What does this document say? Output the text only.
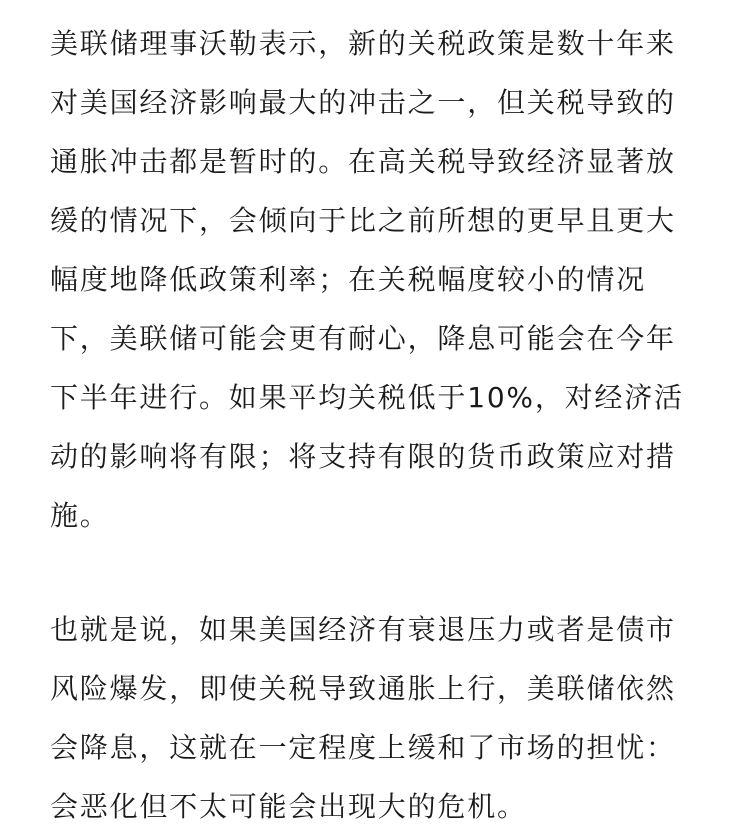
美联储理事沃勒表示，新的关税政策是数十年来
对美国经济影响最大的冲击之一，但关税导致的
通胀冲击都是暂时的。在高关税导致经济显著放
缓的情况下，会倾向于比之前所想的更早且更大
幅度地降低政策利率；在关税幅度较小的情况
下，美联储可能会更有耐心，降息可能会在今年
下半年进行。如果平均关税低于10%，对经济活
动的影响将有限；将支持有限的货币政策应对措
施。
也就是说，如果美国经济有衰退压力或者是债市
风险爆发，即使关税导致通胀上行，美联储依然
会降息，这就在一定程度上缓和了市场的担忧：
会恶化但不太可能会出现大的危机。
